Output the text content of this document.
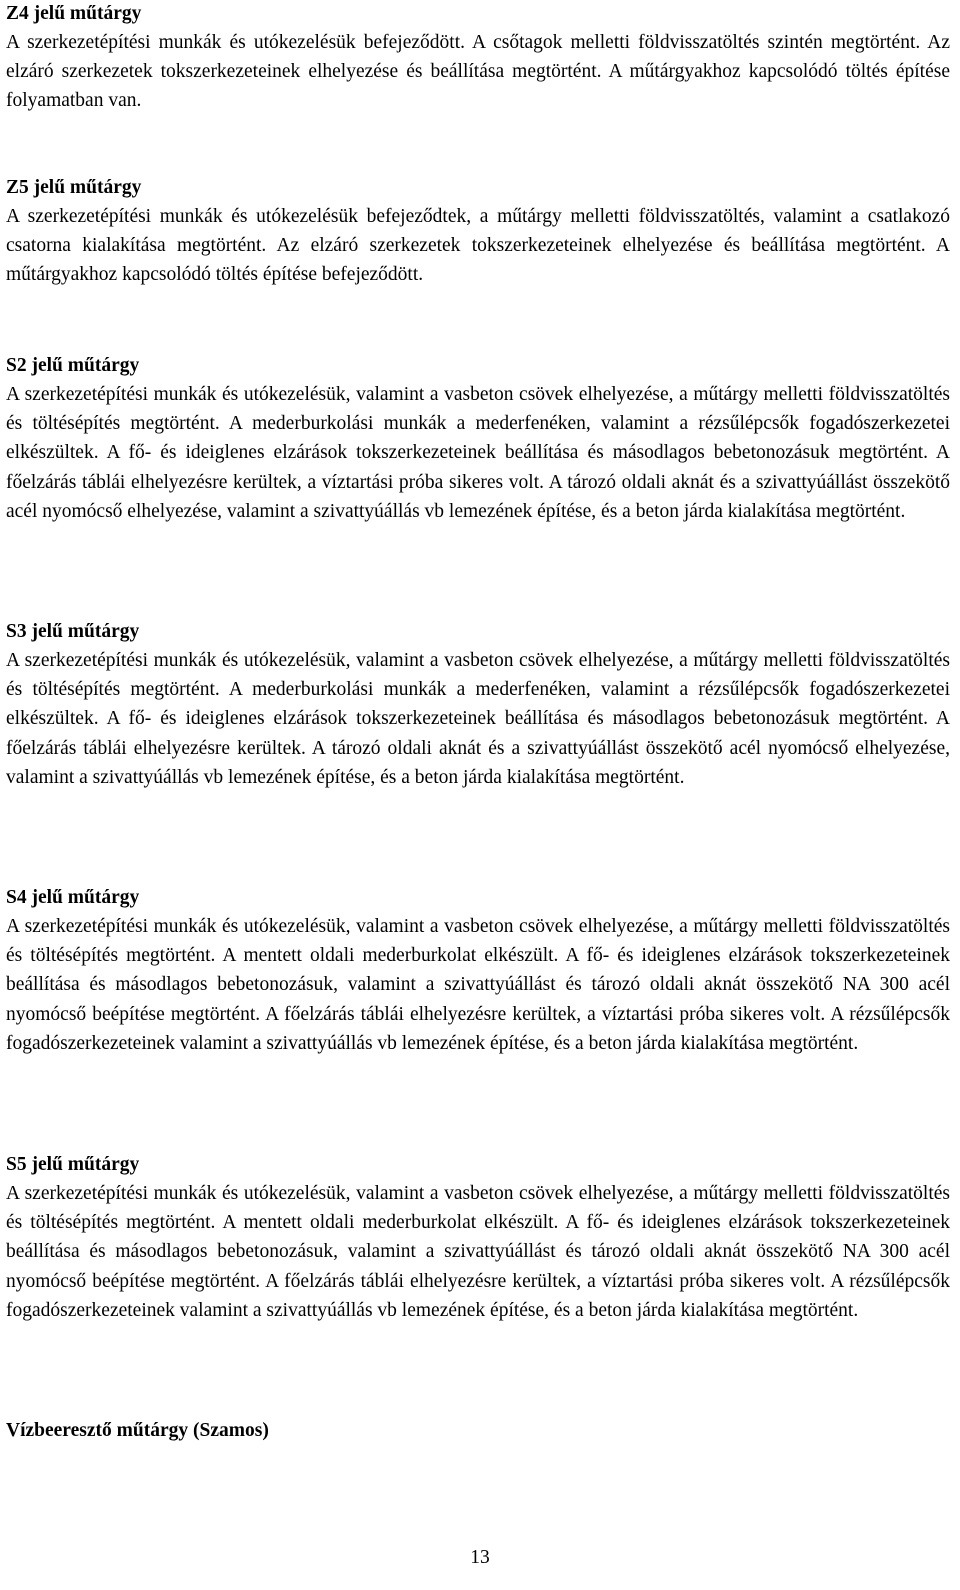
Z4 jelű műtárgy

A szerkezetépítési munkák és utókezelésük befejeződött. A csőtagok melletti földvisszatöltés szintén megtörtént. Az elzáró szerkezetek tokszerkezeteinek elhelyezése és beállítása megtörtént. A műtárgyakhoz kapcsolódó töltés építése folyamatban van.

Z5 jelű műtárgy

A szerkezetépítési munkák és utókezelésük befejeződtek, a műtárgy melletti földvisszatöltés, valamint a csatlakozó csatorna kialakítása megtörtént. Az elzáró szerkezetek tokszerkezeteinek elhelyezése és beállítása megtörtént. A műtárgyakhoz kapcsolódó töltés építése befejeződött.

S2 jelű műtárgy

A szerkezetépítési munkák és utókezelésük, valamint a vasbeton csövek elhelyezése, a műtárgy melletti földvisszatöltés és töltésépítés megtörtént. A mederburkolási munkák a mederfenéken, valamint a rézsűlépcsők fogadószerkezetei elkészültek. A fő- és ideiglenes elzárások tokszerkezeteinek beállítása és másodlagos bebetonozásuk megtörtént. A főelzárás táblái elhelyezésre kerültek, a víztartási próba sikeres volt. A tározó oldali aknát és a szivattyúállást összekötő acél nyomócső elhelyezése, valamint a szivattyúállás vb lemezének építése, és a beton járda kialakítása megtörtént.

S3 jelű műtárgy

A szerkezetépítési munkák és utókezelésük, valamint a vasbeton csövek elhelyezése, a műtárgy melletti földvisszatöltés és töltésépítés megtörtént. A mederburkolási munkák a mederfenéken, valamint a rézsűlépcsők fogadószerkezetei elkészültek. A fő- és ideiglenes elzárások tokszerkezeteinek beállítása és másodlagos bebetonozásuk megtörtént. A főelzárás táblái elhelyezésre kerültek. A tározó oldali aknát és a szivattyúállást összekötő acél nyomócső elhelyezése, valamint a szivattyúállás vb lemezének építése, és a beton járda kialakítása megtörtént.

S4 jelű műtárgy

A szerkezetépítési munkák és utókezelésük, valamint a vasbeton csövek elhelyezése, a műtárgy melletti földvisszatöltés és töltésépítés megtörtént. A mentett oldali mederburkolat elkészült. A fő- és ideiglenes elzárások tokszerkezeteinek beállítása és másodlagos bebetonozásuk, valamint a szivattyúállást és tározó oldali aknát összekötő NA 300 acél nyomócső beépítése megtörtént. A főelzárás táblái elhelyezésre kerültek, a víztartási próba sikeres volt. A rézsűlépcsők fogadószerkezeteinek valamint a szivattyúállás vb lemezének építése, és a beton járda kialakítása megtörtént.

S5 jelű műtárgy

A szerkezetépítési munkák és utókezelésük, valamint a vasbeton csövek elhelyezése, a műtárgy melletti földvisszatöltés és töltésépítés megtörtént. A mentett oldali mederburkolat elkészült. A fő- és ideiglenes elzárások tokszerkezeteinek beállítása és másodlagos bebetonozásuk, valamint a szivattyúállást és tározó oldali aknát összekötő NA 300 acél nyomócső beépítése megtörtént. A főelzárás táblái elhelyezésre kerültek, a víztartási próba sikeres volt. A rézsűlépcsők fogadószerkezeteinek valamint a szivattyúállás vb lemezének építése, és a beton járda kialakítása megtörtént.

Vízbeeresztő műtárgy (Szamos)

13
